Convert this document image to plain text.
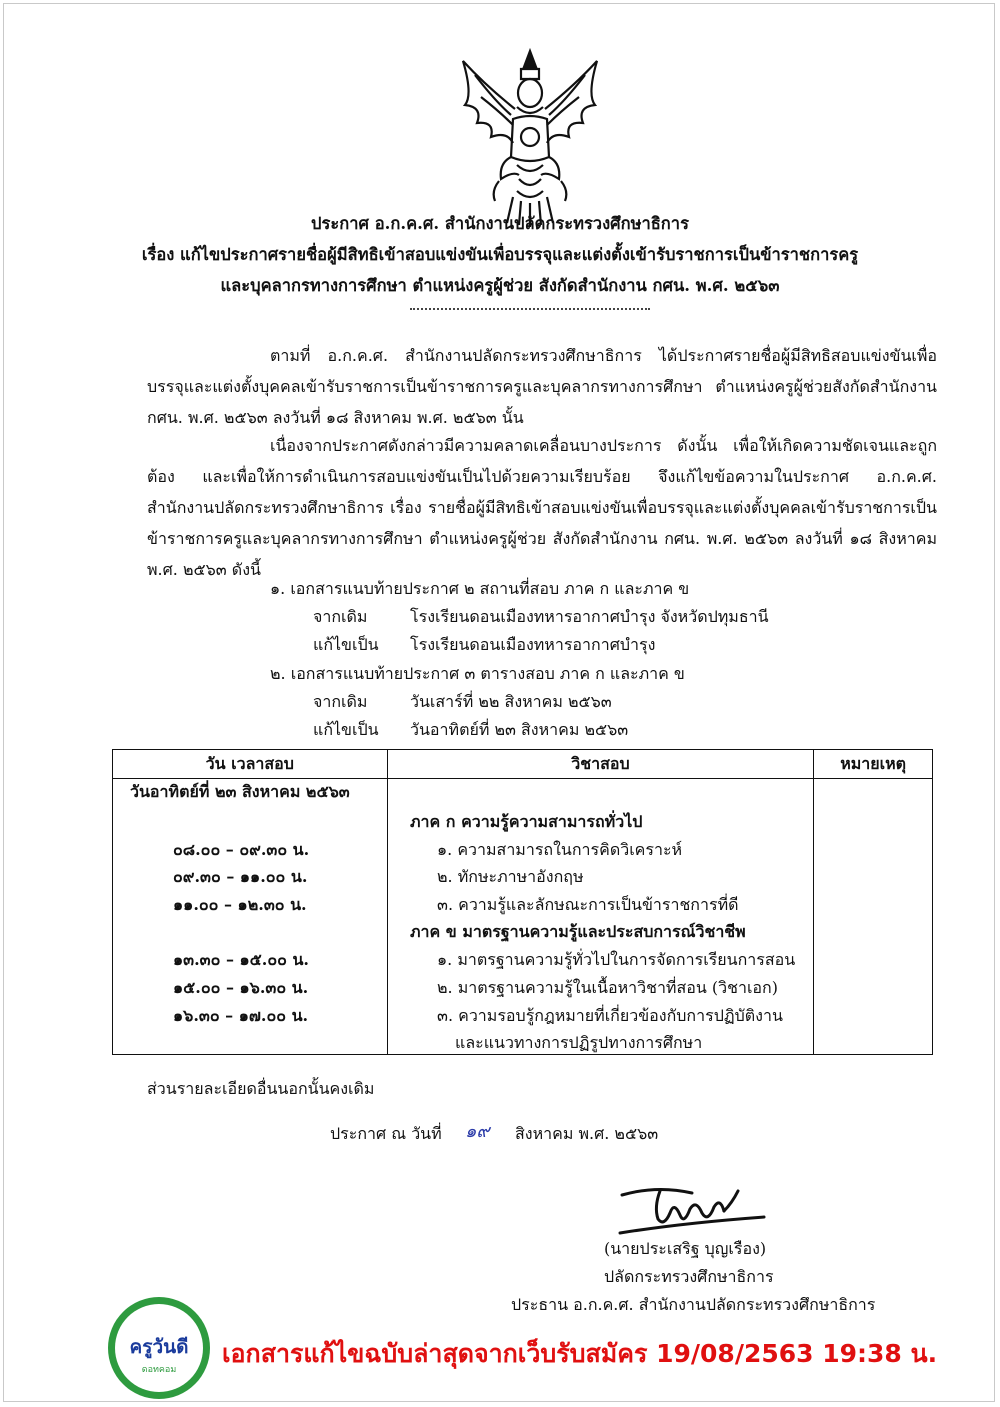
ประกาศ อ.ก.ค.ศ. สำนักงานปลัดกระทรวงศึกษาธิการ
เรื่อง แก้ไขประกาศรายชื่อผู้มีสิทธิเข้าสอบแข่งขันเพื่อบรรจุและแต่งตั้งเข้ารับราชการเป็นข้าราชการครู
และบุคลากรทางการศึกษา ตำแหน่งครูผู้ช่วย สังกัดสำนักงาน กศน. พ.ศ. ๒๕๖๓
ตามที่ อ.ก.ค.ศ. สำนักงานปลัดกระทรวงศึกษาธิการ ได้ประกาศรายชื่อผู้มีสิทธิสอบแข่งขันเพื่อบรรจุและแต่งตั้งบุคคลเข้ารับราชการเป็นข้าราชการครูและบุคลากรทางการศึกษา ตำแหน่งครูผู้ช่วยสังกัดสำนักงาน กศน. พ.ศ. ๒๕๖๓ ลงวันที่ ๑๘ สิงหาคม พ.ศ. ๒๕๖๓ นั้น
เนื่องจากประกาศดังกล่าวมีความคลาดเคลื่อนบางประการ ดังนั้น เพื่อให้เกิดความชัดเจนและถูกต้อง และเพื่อให้การดำเนินการสอบแข่งขันเป็นไปด้วยความเรียบร้อย จึงแก้ไขข้อความในประกาศ อ.ก.ค.ศ. สำนักงานปลัดกระทรวงศึกษาธิการ เรื่อง รายชื่อผู้มีสิทธิเข้าสอบแข่งขันเพื่อบรรจุและแต่งตั้งบุคคลเข้ารับราชการเป็นข้าราชการครูและบุคลากรทางการศึกษา ตำแหน่งครูผู้ช่วย สังกัดสำนักงาน กศน. พ.ศ. ๒๕๖๓ ลงวันที่ ๑๘ สิงหาคม พ.ศ. ๒๕๖๓ ดังนี้
๑. เอกสารแนบท้ายประกาศ ๒ สถานที่สอบ ภาค ก และภาค ข
จากเดิม	โรงเรียนดอนเมืองทหารอากาศบำรุง จังหวัดปทุมธานี
แก้ไขเป็น โรงเรียนดอนเมืองทหารอากาศบำรุง
๒. เอกสารแนบท้ายประกาศ ๓ ตารางสอบ ภาค ก และภาค ข
จากเดิม	วันเสาร์ที่ ๒๒ สิงหาคม ๒๕๖๓
แก้ไขเป็น วันอาทิตย์ที่ ๒๓ สิงหาคม ๒๕๖๓
วัน เวลาสอบ	วิชาสอบ	หมายเหตุ

วันอาทิตย์ที่ ๒๓ สิงหาคม ๒๕๖๓
ภาค ก ความรู้ความสามารถทั่วไป
๐๘.๐๐ – ๐๙.๓๐ น.	๑. ความสามารถในการคิดวิเคราะห์
๐๙.๓๐ – ๑๑.๐๐ น.	๒. ทักษะภาษาอังกฤษ
๑๑.๐๐ – ๑๒.๓๐ น.	๓. ความรู้และลักษณะการเป็นข้าราชการที่ดี
ภาค ข มาตรฐานความรู้และประสบการณ์วิชาชีพ
๑๓.๓๐ – ๑๕.๐๐ น.	๑. มาตรฐานความรู้ทั่วไปในการจัดการเรียนการสอน
๑๕.๐๐ – ๑๖.๓๐ น.	๒. มาตรฐานความรู้ในเนื้อหาวิชาที่สอน (วิชาเอก)
๑๖.๓๐ – ๑๗.๐๐ น.	๓. ความรอบรู้กฎหมายที่เกี่ยวข้องกับการปฏิบัติงาน
และแนวทางการปฏิรูปทางการศึกษา
ส่วนรายละเอียดอื่นนอกนั้นคงเดิม
ประกาศ ณ วันที่ ๑๙ สิงหาคม พ.ศ. ๒๕๖๓
(นายประเสริฐ บุญเรือง)
ปลัดกระทรวงศึกษาธิการ
ประธาน อ.ก.ค.ศ. สำนักงานปลัดกระทรวงศึกษาธิการ
ครูวันดี
ดอทคอม
เอกสารแก้ไขฉบับล่าสุดจากเว็บรับสมัคร 19/08/2563 19:38 น.
